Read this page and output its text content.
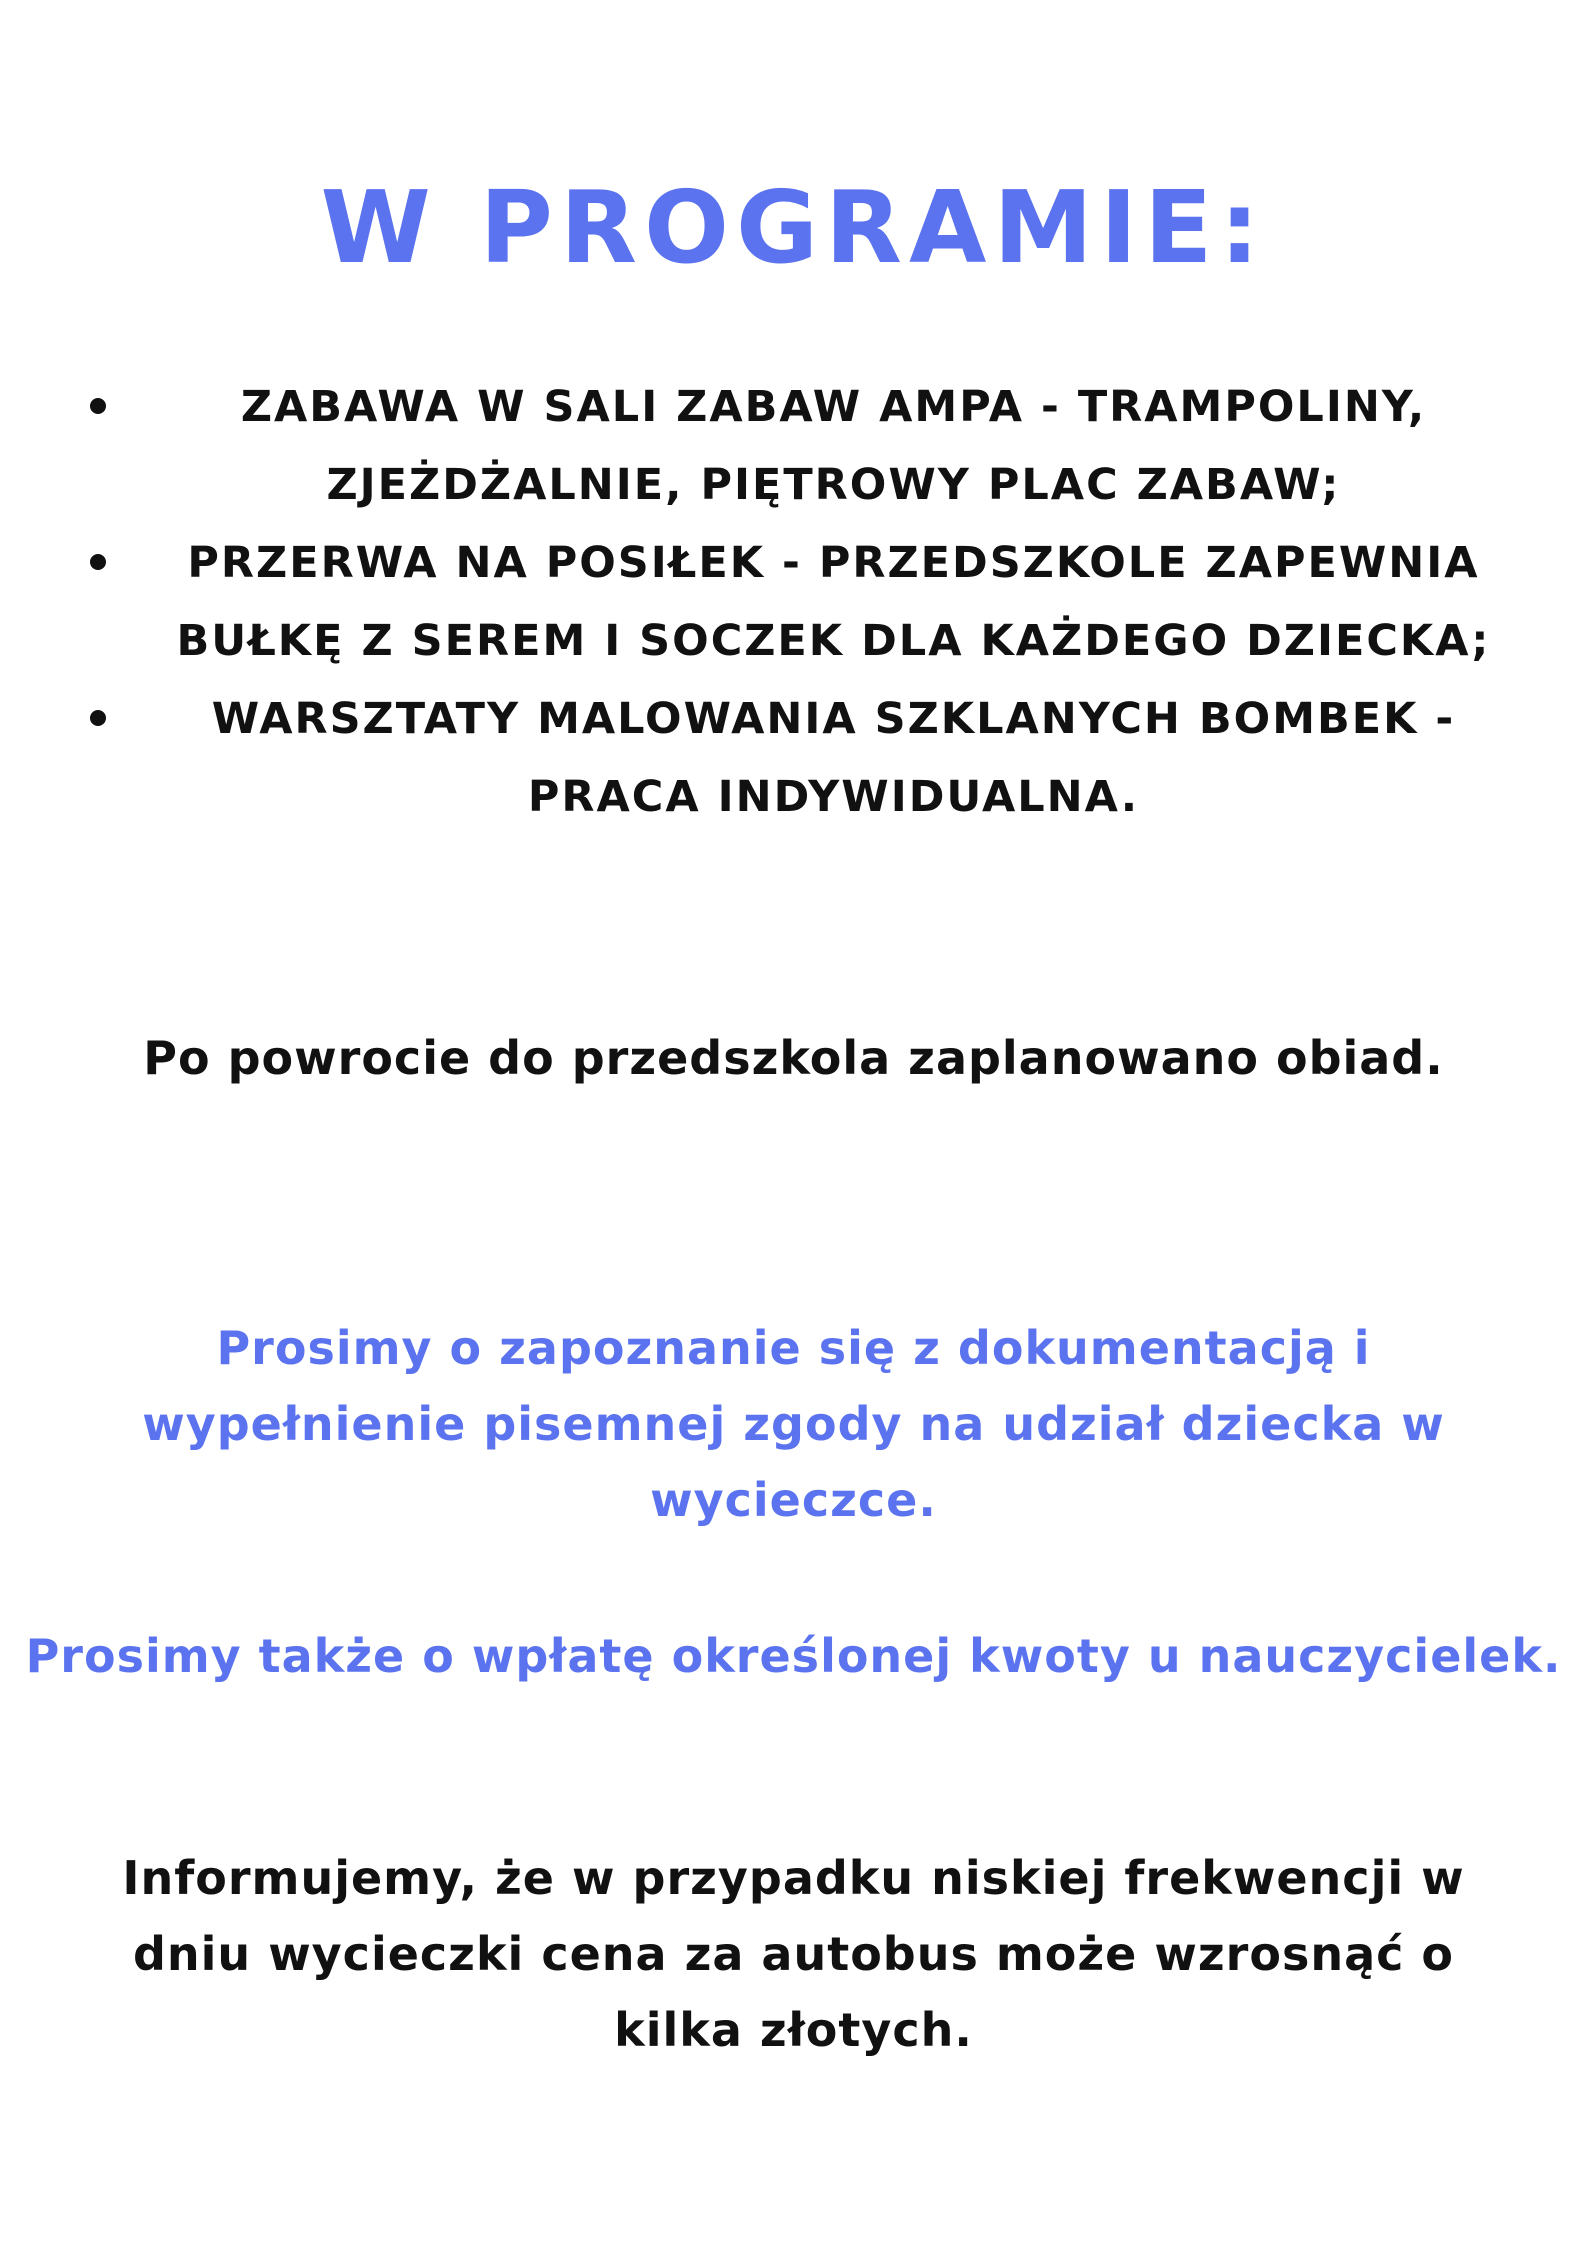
W PROGRAMIE:
ZABAWA W SALI ZABAW AMPA - TRAMPOLINY, ZJEŻDŻALNIE, PIĘTROWY PLAC ZABAW;
PRZERWA NA POSIŁEK - PRZEDSZKOLE ZAPEWNIA BUŁKĘ Z SEREM I SOCZEK DLA KAŻDEGO DZIECKA;
WARSZTATY MALOWANIA SZKLANYCH BOMBEK - PRACA INDYWIDUALNA.

Po powrocie do przedszkola zaplanowano obiad.

Prosimy o zapoznanie się z dokumentacją i wypełnienie pisemnej zgody na udział dziecka w wycieczce.

Prosimy także o wpłatę określonej kwoty u nauczycielek.

Informujemy, że w przypadku niskiej frekwencji w dniu wycieczki cena za autobus może wzrosnąć o kilka złotych.
